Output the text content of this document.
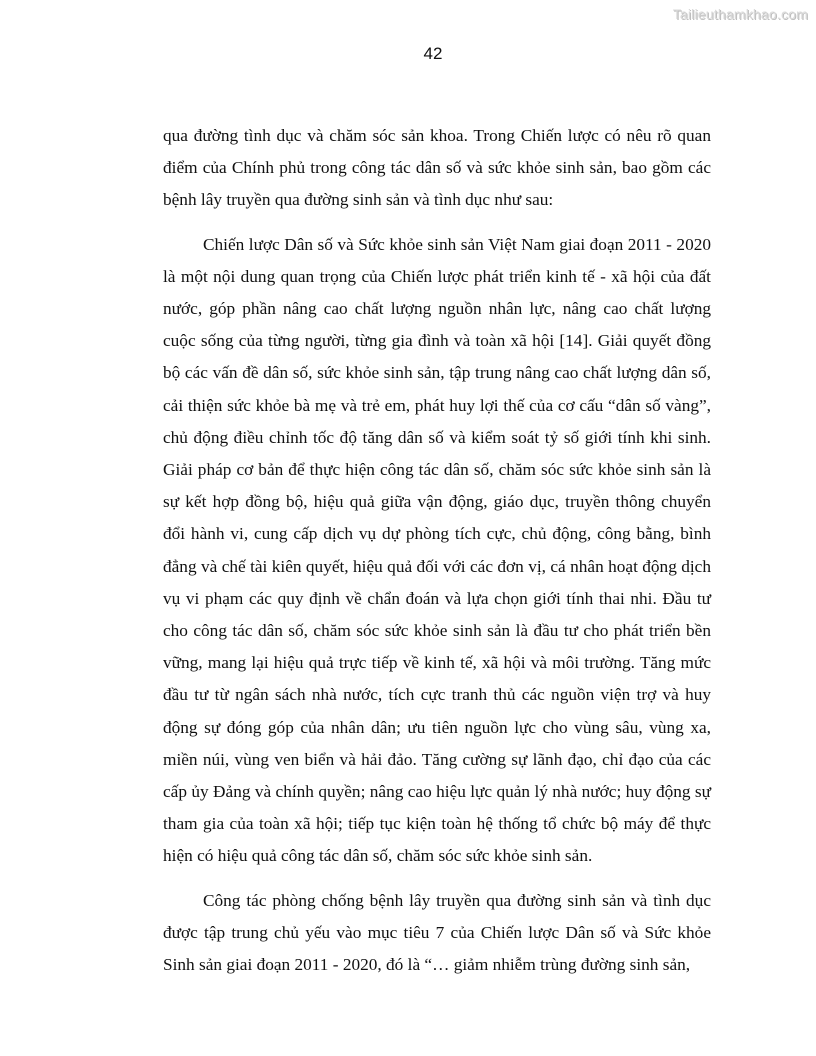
Tailieuthamkhao.com
42

qua đường tình dục và chăm sóc sản khoa. Trong Chiến lược có nêu rõ quan điểm của Chính phủ trong công tác dân số và sức khỏe sinh sản, bao gồm các bệnh lây truyền qua đường sinh sản và tình dục như sau:

Chiến lược Dân số và Sức khỏe sinh sản Việt Nam giai đoạn 2011 - 2020 là một nội dung quan trọng của Chiến lược phát triển kinh tế - xã hội của đất nước, góp phần nâng cao chất lượng nguồn nhân lực, nâng cao chất lượng cuộc sống của từng người, từng gia đình và toàn xã hội [14]. Giải quyết đồng bộ các vấn đề dân số, sức khỏe sinh sản, tập trung nâng cao chất lượng dân số, cải thiện sức khỏe bà mẹ và trẻ em, phát huy lợi thế của cơ cấu “dân số vàng”, chủ động điều chỉnh tốc độ tăng dân số và kiểm soát tỷ số giới tính khi sinh. Giải pháp cơ bản để thực hiện công tác dân số, chăm sóc sức khỏe sinh sản là sự kết hợp đồng bộ, hiệu quả giữa vận động, giáo dục, truyền thông chuyển đổi hành vi, cung cấp dịch vụ dự phòng tích cực, chủ động, công bằng, bình đẳng và chế tài kiên quyết, hiệu quả đối với các đơn vị, cá nhân hoạt động dịch vụ vi phạm các quy định về chẩn đoán và lựa chọn giới tính thai nhi. Đầu tư cho công tác dân số, chăm sóc sức khỏe sinh sản là đầu tư cho phát triển bền vững, mang lại hiệu quả trực tiếp về kinh tế, xã hội và môi trường. Tăng mức đầu tư từ ngân sách nhà nước, tích cực tranh thủ các nguồn viện trợ và huy động sự đóng góp của nhân dân; ưu tiên nguồn lực cho vùng sâu, vùng xa, miền núi, vùng ven biển và hải đảo. Tăng cường sự lãnh đạo, chỉ đạo của các cấp ủy Đảng và chính quyền; nâng cao hiệu lực quản lý nhà nước; huy động sự tham gia của toàn xã hội; tiếp tục kiện toàn hệ thống tổ chức bộ máy để thực hiện có hiệu quả công tác dân số, chăm sóc sức khỏe sinh sản.

Công tác phòng chống bệnh lây truyền qua đường sinh sản và tình dục được tập trung chủ yếu vào mục tiêu 7 của Chiến lược Dân số và Sức khỏe Sinh sản giai đoạn 2011 - 2020, đó là “… giảm nhiễm trùng đường sinh sản,
